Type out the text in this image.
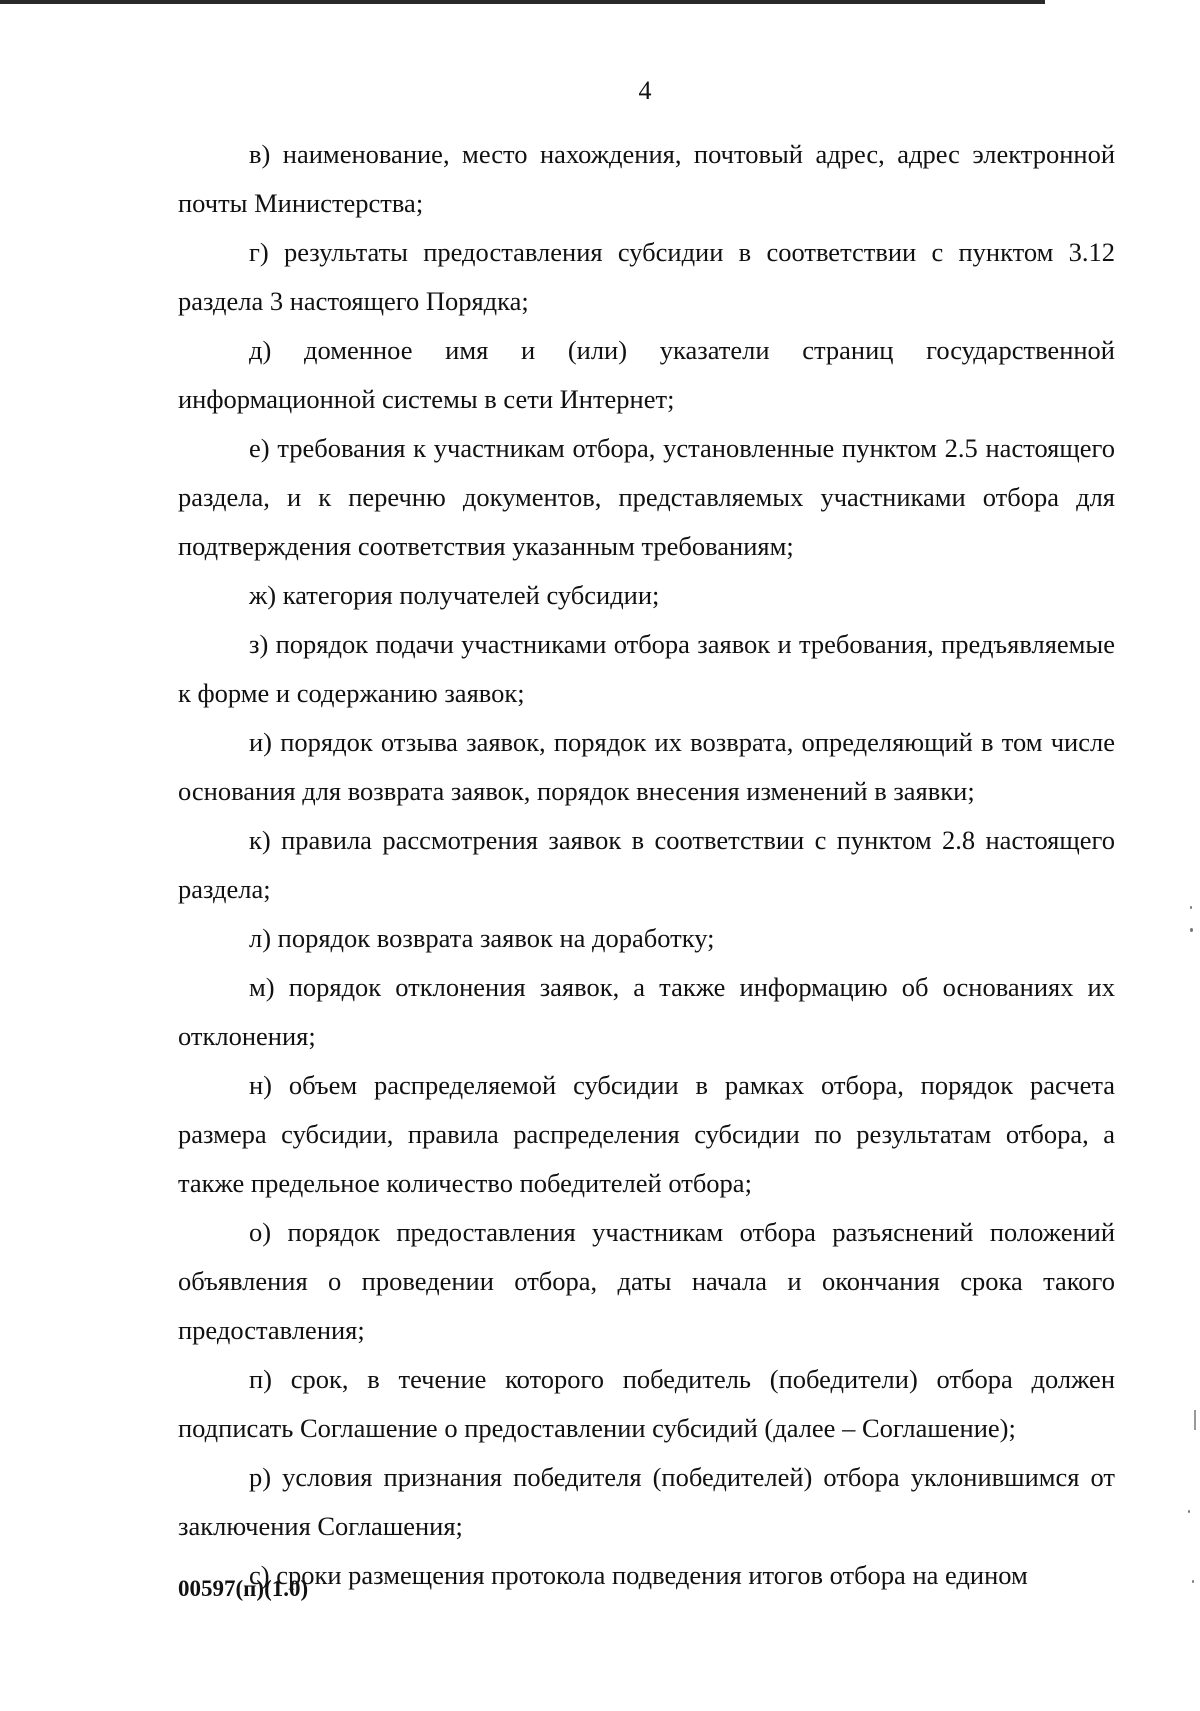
4

в) наименование, место нахождения, почтовый адрес, адрес электронной почты Министерства;

г) результаты предоставления субсидии в соответствии с пунктом 3.12 раздела 3 настоящего Порядка;

д) доменное имя и (или) указатели страниц государственной информационной системы в сети Интернет;

е) требования к участникам отбора, установленные пунктом 2.5 настоящего раздела, и к перечню документов, представляемых участниками отбора для подтверждения соответствия указанным требованиям;

ж) категория получателей субсидии;

з) порядок подачи участниками отбора заявок и требования, предъявляемые к форме и содержанию заявок;

и) порядок отзыва заявок, порядок их возврата, определяющий в том числе основания для возврата заявок, порядок внесения изменений в заявки;

к) правила рассмотрения заявок в соответствии с пунктом 2.8 настоящего раздела;

л) порядок возврата заявок на доработку;

м) порядок отклонения заявок, а также информацию об основаниях их отклонения;

н) объем распределяемой субсидии в рамках отбора, порядок расчета размера субсидии, правила распределения субсидии по результатам отбора, а также предельное количество победителей отбора;

о) порядок предоставления участникам отбора разъяснений положений объявления о проведении отбора, даты начала и окончания срока такого предоставления;

п) срок, в течение которого победитель (победители) отбора должен подписать Соглашение о предоставлении субсидий (далее – Соглашение);

р) условия признания победителя (победителей) отбора уклонившимся от заключения Соглашения;

с) сроки размещения протокола подведения итогов отбора на едином

00597(п)(1.0)
